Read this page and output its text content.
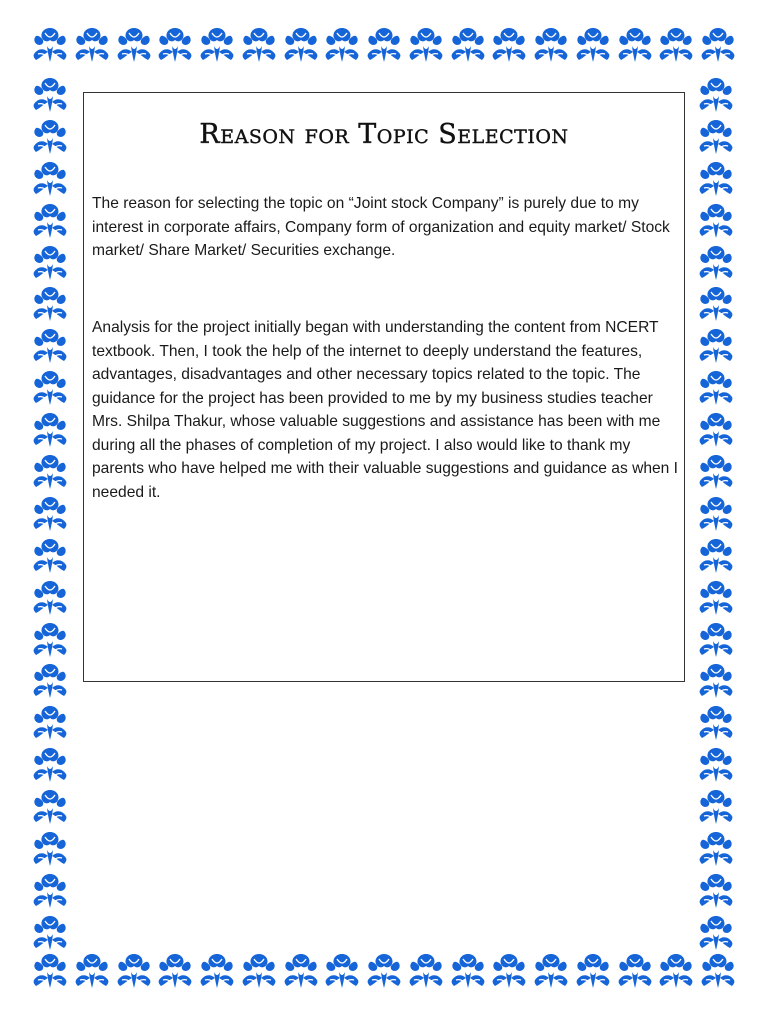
Reason for Topic Selection

The reason for selecting the topic on “Joint stock Company” is purely due to my interest in corporate affairs, Company form of organization and equity market/ Stock market/ Share Market/ Securities exchange.

Analysis for the project initially began with understanding the content from NCERT textbook. Then, I took the help of the internet to deeply understand the features, advantages, disadvantages and other necessary topics related to the topic. The guidance for the project has been provided to me by my business studies teacher Mrs. Shilpa Thakur, whose valuable suggestions and assistance has been with me during all the phases of completion of my project. I also would like to thank my parents who have helped me with their valuable suggestions and guidance as when I needed it.
